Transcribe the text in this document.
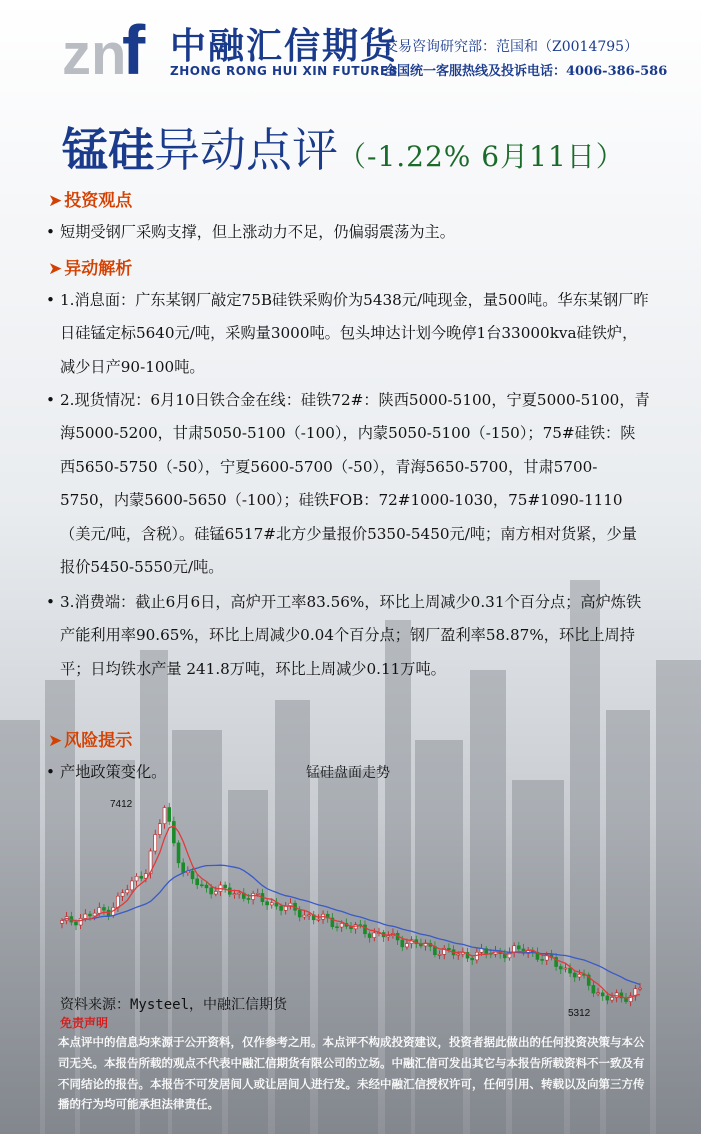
zn
f 中融汇信期货
ZHONG RONG HUI XIN FUTURES
交易咨询研究部：范国和（Z0014795）
全国统一客服热线及投诉电话：4006-386-586
锰硅异动点评（-1.22% 6月11日）
➤ 投资观点
• 短期受钢厂采购支撑，但上涨动力不足，仍偏弱震荡为主。
➤ 异动解析
• 1.消息面：广东某钢厂敲定75B硅铁采购价为5438元/吨现金，量500吨。华东某钢厂昨日硅锰定标5640元/吨，采购量3000吨。包头坤达计划今晚停1台33000kva硅铁炉，减少日产90-100吨。
• 2.现货情况：6月10日铁合金在线：硅铁72#：陕西5000-5100，宁夏5000-5100，青海5000-5200，甘肃5050-5100（-100），内蒙5050-5100（-150）；75#硅铁：陕西5650-5750（-50），宁夏5600-5700（-50），青海5650-5700，甘肃5700-5750，内蒙5600-5650（-100）；硅铁FOB：72#1000-1030，75#1090-1110（美元/吨，含税）。硅锰6517#北方少量报价5350-5450元/吨；南方相对货紧，少量报价5450-5550元/吨。
• 3.消费端：截止6月6日，高炉开工率83.56%，环比上周减少0.31个百分点；高炉炼铁产能利用率90.65%，环比上周减少0.04个百分点；钢厂盈利率58.87%，环比上周持平；日均铁水产量 241.8万吨，环比上周减少0.11万吨。
➤ 风险提示
• 产地政策变化。	锰硅盘面走势
7412
5312
资料来源：Mysteel，中融汇信期货
免责声明
本点评中的信息均来源于公开资料，仅作参考之用。本点评不构成投资建议，投资者据此做出的任何投资决策与本公司无关。本报告所载的观点不代表中融汇信期货有限公司的立场。中融汇信可发出其它与本报告所载资料不一致及有不同结论的报告。本报告不可发居间人或让居间人进行发。未经中融汇信授权许可，任何引用、转载以及向第三方传播的行为均可能承担法律责任。
